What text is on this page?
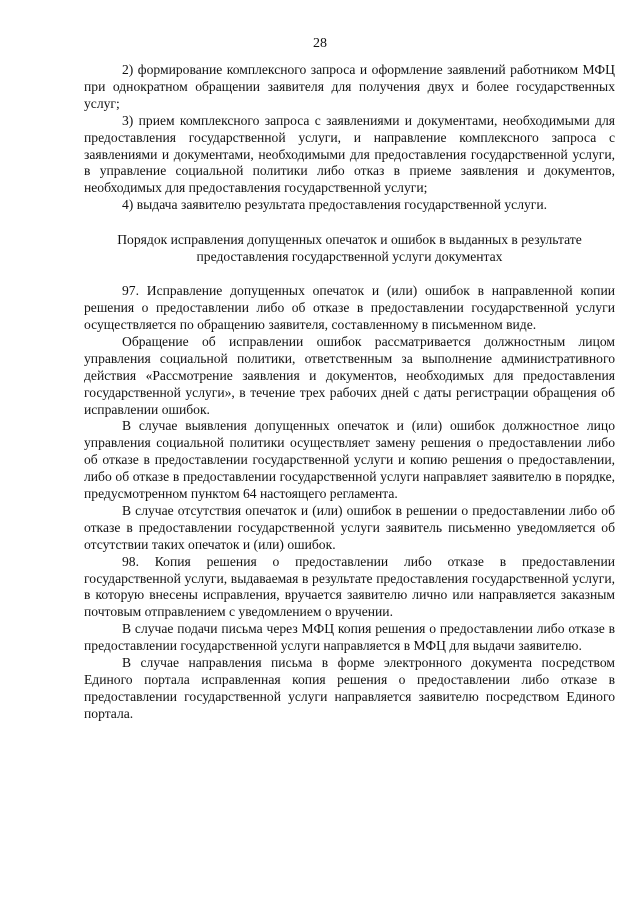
28

2) формирование комплексного запроса и оформление заявлений работником МФЦ при однократном обращении заявителя для получения двух и более государственных услуг;

3) прием комплексного запроса с заявлениями и документами, необходимыми для предоставления государственной услуги, и направление комплексного запроса с заявлениями и документами, необходимыми для предоставления государственной услуги, в управление социальной политики либо отказ в приеме заявления и документов, необходимых для предоставления государственной услуги;

4) выдача заявителю результата предоставления государственной услуги.

Порядок исправления допущенных опечаток и ошибок в выданных в результате предоставления государственной услуги документах

97. Исправление допущенных опечаток и (или) ошибок в направленной копии решения о предоставлении либо об отказе в предоставлении государственной услуги осуществляется по обращению заявителя, составленному в письменном виде.

Обращение об исправлении ошибок рассматривается должностным лицом управления социальной политики, ответственным за выполнение административного действия «Рассмотрение заявления и документов, необходимых для предоставления государственной услуги», в течение трех рабочих дней с даты регистрации обращения об исправлении ошибок.

В случае выявления допущенных опечаток и (или) ошибок должностное лицо управления социальной политики осуществляет замену решения о предоставлении либо об отказе в предоставлении государственной услуги и копию решения о предоставлении, либо об отказе в предоставлении государственной услуги направляет заявителю в порядке, предусмотренном пунктом 64 настоящего регламента.

В случае отсутствия опечаток и (или) ошибок в решении о предоставлении либо об отказе в предоставлении государственной услуги заявитель письменно уведомляется об отсутствии таких опечаток и (или) ошибок.

98. Копия решения о предоставлении либо отказе в предоставлении государственной услуги, выдаваемая в результате предоставления государственной услуги, в которую внесены исправления, вручается заявителю лично или направляется заказным почтовым отправлением с уведомлением о вручении.

В случае подачи письма через МФЦ копия решения о предоставлении либо отказе в предоставлении государственной услуги направляется в МФЦ для выдачи заявителю.

В случае направления письма в форме электронного документа посредством Единого портала исправленная копия решения о предоставлении либо отказе в предоставлении государственной услуги направляется заявителю посредством Единого портала.
